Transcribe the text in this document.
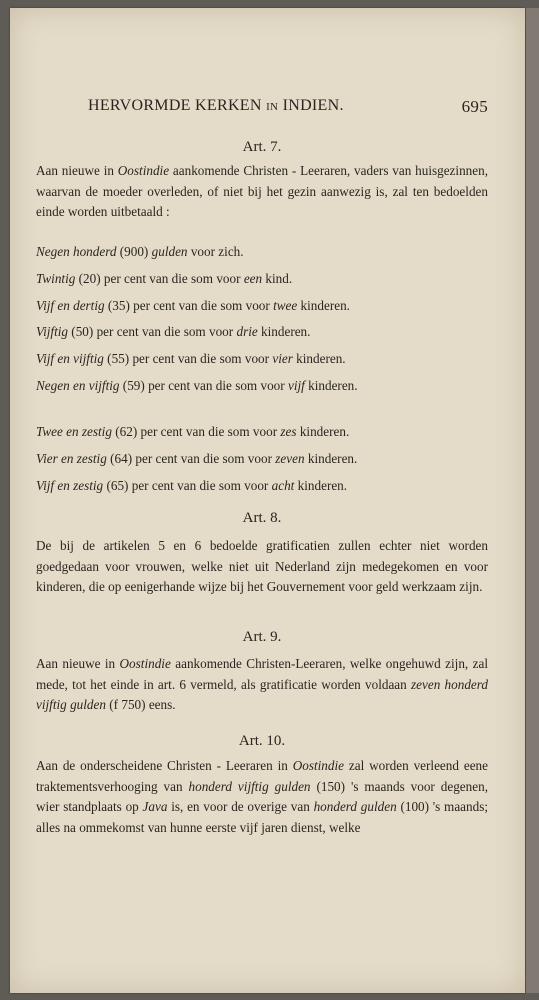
HERVORMDE KERKEN IN INDIEN.	695
Art. 7.
Aan nieuwe in Oostindie aankomende Christen - Leeraren, vaders van huisgezinnen, waarvan de moeder overleden, of niet bij het gezin aanwezig is, zal ten bedoelden einde worden uitbetaald :
Negen honderd (900) gulden voor zich.
Twintig (20) per cent van die som voor een kind.
Vijf en dertig (35) per cent van die som voor twee kinderen.
Vijftig (50) per cent van die som voor drie kinderen.
Vijf en vijftig (55) per cent van die som voor vier kinderen.
Negen en vijftig (59) per cent van die som voor vijf kinderen.
Twee en zestig (62) per cent van die som voor zes kinderen.
Vier en zestig (64) per cent van die som voor zeven kinderen.
Vijf en zestig (65) per cent van die som voor acht kinderen.
Art. 8.
De bij de artikelen 5 en 6 bedoelde gratificatien zullen echter niet worden goedgedaan voor vrouwen, welke niet uit Nederland zijn medegekomen en voor kinderen, die op eenigerhande wijze bij het Gouvernement voor geld werkzaam zijn.
Art. 9.
Aan nieuwe in Oostindie aankomende Christen-Leeraren, welke ongehuwd zijn, zal mede, tot het einde in art. 6 vermeld, als gratificatie worden voldaan zeven honderd vijftig gulden (f 750) eens.
Art. 10.
Aan de onderscheidene Christen - Leeraren in Oostindie zal worden verleend eene traktementsverhooging van honderd vijftig gulden (150) 's maands voor degenen, wier standplaats op Java is, en voor de overige van honderd gulden (100) 's maands; alles na ommekomst van hunne eerste vijf jaren dienst, welke
